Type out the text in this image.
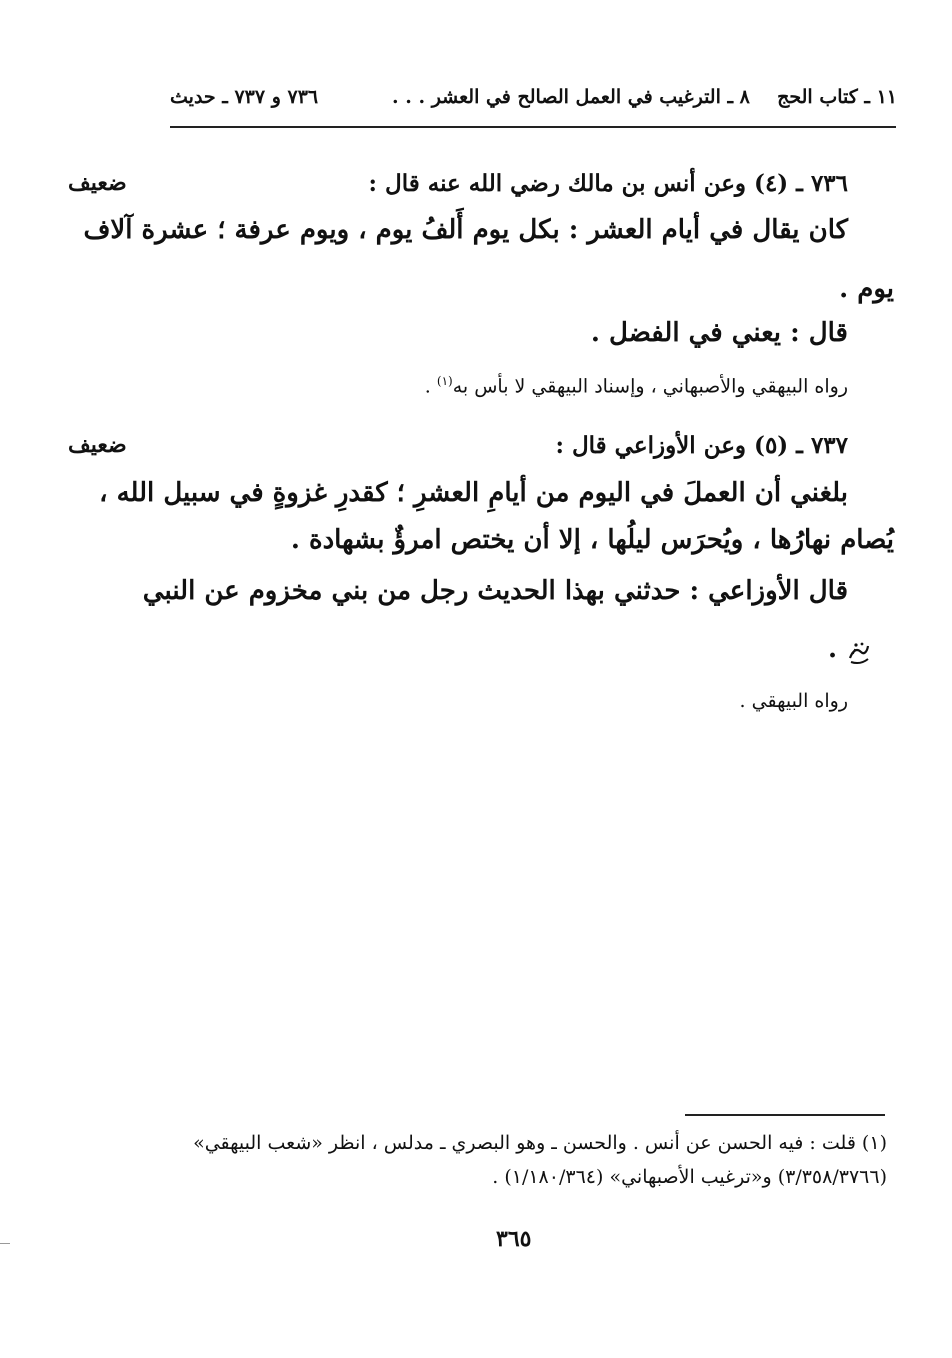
١١ ـ كتاب الحج
٨ ـ الترغيب في العمل الصالح في العشر . . .
٧٣٦ و ٧٣٧ ـ حديث
ضعيف	٧٣٦ ـ (٤) وعن أنس بن مالك رضي الله عنه قال :
كان يقال في أيام العشر : بكل يوم أَلفُ يوم ، ويوم عرفة ؛ عشرة آلاف
يوم .
قال : يعني في الفضل .
رواه البيهقي والأصبهاني ، وإسناد البيهقي لا بأس به$^{(١)}$ .
ضعيف	٧٣٧ ـ (٥) وعن الأوزاعي قال :
بلغني أن العملَ في اليوم من أيامِ العشرِ ؛ كقدرِ غزوةٍ في سبيل الله ،
يُصام نهارُها ، ويُحرَس ليلُها ، إلا أن يختص امرؤٌ بشهادة .
قال الأوزاعي : حدثني بهذا الحديث رجل من بني مخزوم عن النبي
.
رواه البيهقي .
(١) قلت : فيه الحسن عن أنس . والحسن ـ وهو البصري ـ مدلس ، انظر «شعب البيهقي»
(٣/٣٥٨/٣٧٦٦) و«ترغيب الأصبهاني» (١/١٨٠/٣٦٤) .
٣٦٥
